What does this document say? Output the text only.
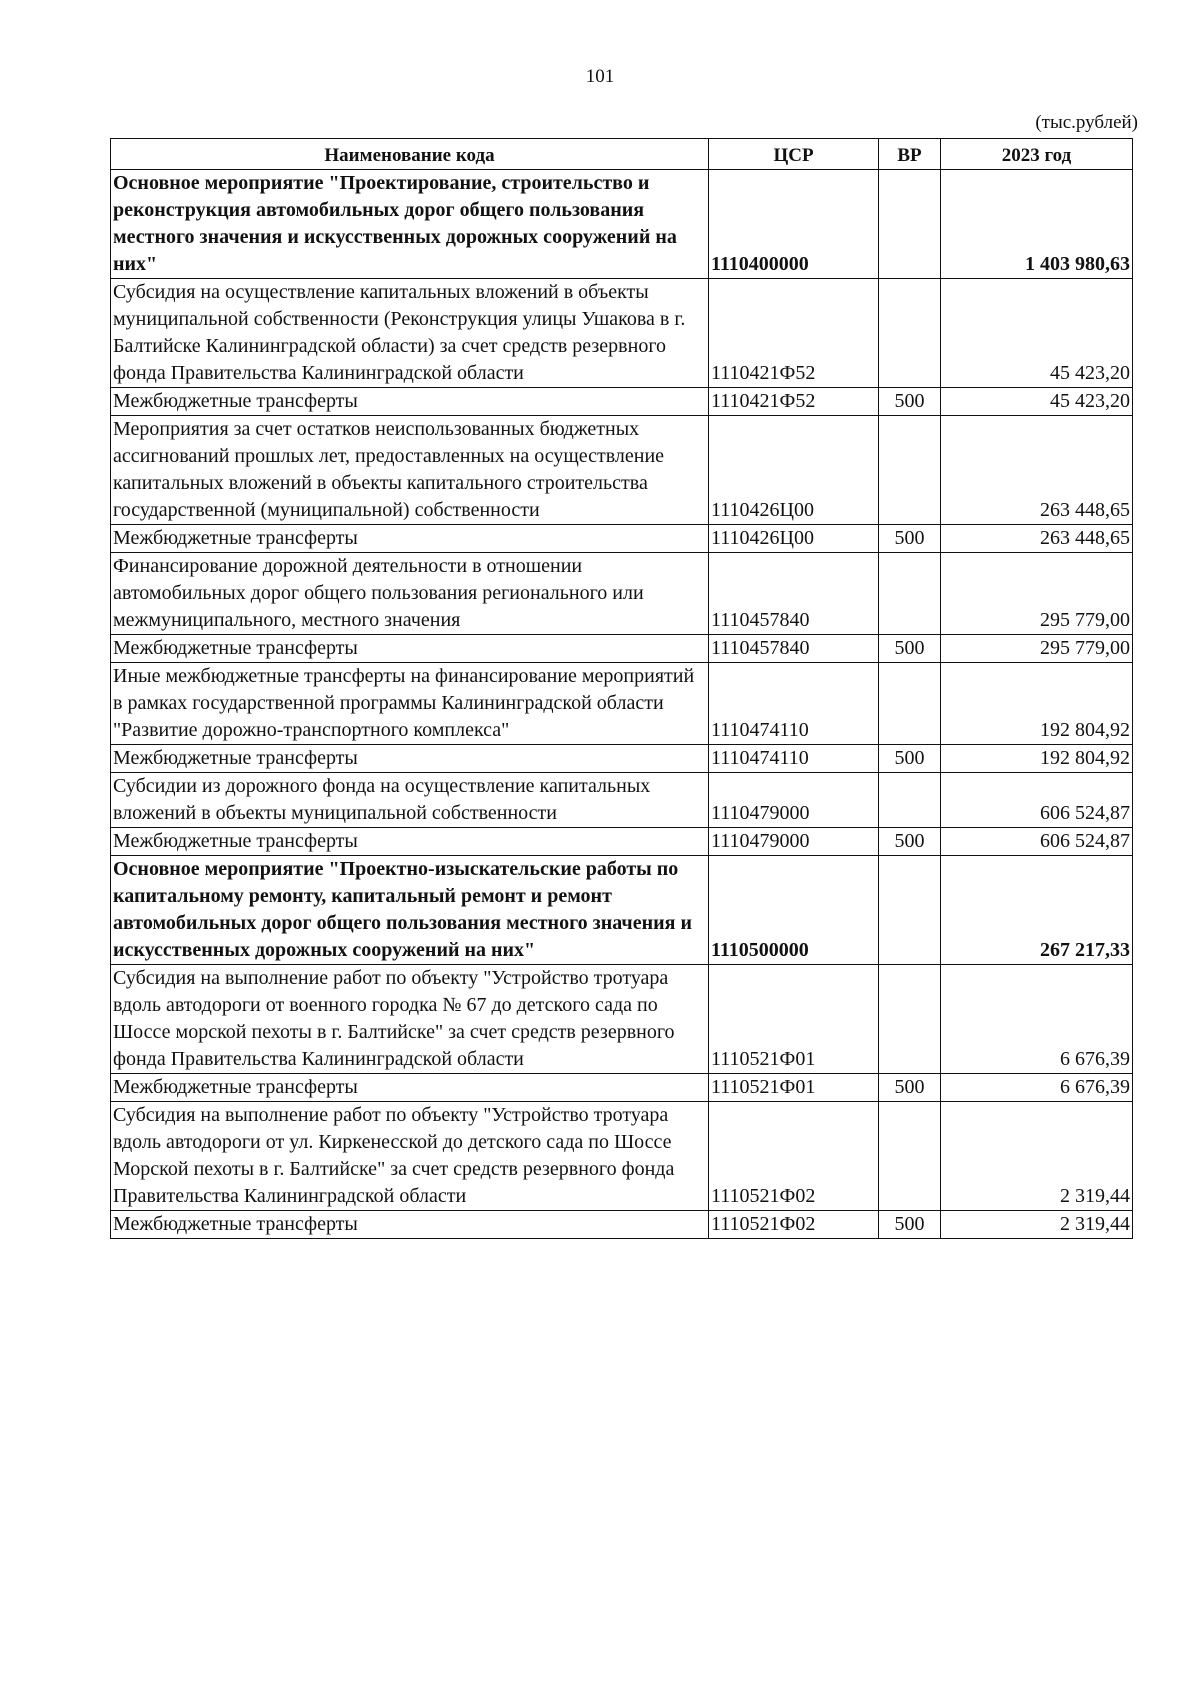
101
(тыс.рублей)
Наименование кода	ЦСР	ВР	2023 год
Основное мероприятие "Проектирование, строительство и реконструкция автомобильных дорог общего пользования местного значения и искусственных дорожных сооружений на них"	1110400000		1 403 980,63
Субсидия на осуществление капитальных вложений в объекты муниципальной собственности (Реконструкция улицы Ушакова в г. Балтийске Калининградской области) за счет средств резервного фонда Правительства Калининградской области	1110421Ф52		45 423,20
Межбюджетные трансферты	1110421Ф52	500	45 423,20
Мероприятия за счет остатков неиспользованных бюджетных ассигнований прошлых лет, предоставленных на осуществление капитальных вложений в объекты капитального строительства государственной (муниципальной) собственности	1110426Ц00		263 448,65
Межбюджетные трансферты	1110426Ц00	500	263 448,65
Финансирование дорожной деятельности в отношении автомобильных дорог общего пользования регионального или межмуниципального, местного значения	1110457840		295 779,00
Межбюджетные трансферты	1110457840	500	295 779,00
Иные межбюджетные трансферты на финансирование мероприятий в рамках государственной программы Калининградской области "Развитие дорожно-транспортного комплекса"	1110474110		192 804,92
Межбюджетные трансферты	1110474110	500	192 804,92
Субсидии из дорожного фонда на осуществление капитальных вложений в объекты муниципальной собственности	1110479000		606 524,87
Межбюджетные трансферты	1110479000	500	606 524,87
Основное мероприятие "Проектно-изыскательские работы по капитальному ремонту, капитальный ремонт и ремонт автомобильных дорог общего пользования местного значения и искусственных дорожных сооружений на них"	1110500000		267 217,33
Субсидия на выполнение работ по объекту "Устройство тротуара вдоль автодороги от военного городка № 67 до детского сада по Шоссе морской пехоты в г. Балтийске" за счет средств резервного фонда Правительства Калининградской области	1110521Ф01		6 676,39
Межбюджетные трансферты	1110521Ф01	500	6 676,39
Субсидия на выполнение работ по объекту "Устройство тротуара вдоль автодороги от ул. Киркенесской до детского сада по Шоссе Морской пехоты в г. Балтийске" за счет средств резервного фонда Правительства Калининградской области	1110521Ф02		2 319,44
Межбюджетные трансферты	1110521Ф02	500	2 319,44
